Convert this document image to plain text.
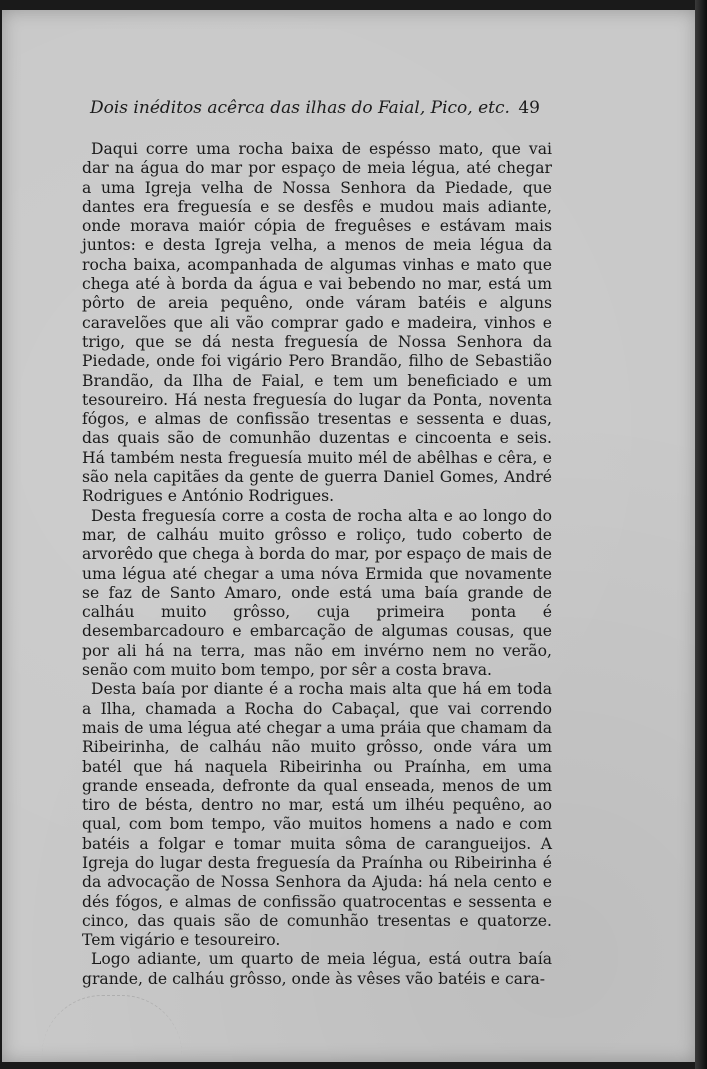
Dois inéditos acêrca das ilhas do Faial, Pico, etc. 49

Daqui corre uma rocha baixa de espésso mato, que vai dar na água do mar por espaço de meia légua, até chegar a uma Igreja velha de Nossa Senhora da Piedade, que dantes era freguesía e se desfês e mudou mais adiante, onde morava maiór cópia de freguêses e estávam mais juntos: e desta Igreja velha, a menos de meia légua da rocha baixa, acompanhada de algumas vinhas e mato que chega até à borda da água e vai bebendo no mar, está um pôrto de areia pequêno, onde váram batéis e alguns caravelões que ali vão comprar gado e madeira, vinhos e trigo, que se dá nesta freguesía de Nossa Senhora da Piedade, onde foi vigário Pero Brandão, filho de Sebastião Brandão, da Ilha de Faial, e tem um beneficiado e um tesoureiro. Há nesta freguesía do lugar da Ponta, noventa fógos, e almas de confissão tresentas e sessenta e duas, das quais são de comunhão duzentas e cincoenta e seis. Há também nesta freguesía muito mél de abêlhas e cêra, e são nela capitães da gente de guerra Daniel Gomes, André Rodrigues e António Rodrigues.

Desta freguesía corre a costa de rocha alta e ao longo do mar, de calháu muito grôsso e roliço, tudo coberto de arvorêdo que chega à borda do mar, por espaço de mais de uma légua até chegar a uma nóva Ermida que novamente se faz de Santo Amaro, onde está uma baía grande de calháu muito grôsso, cuja primeira ponta é desembarcadouro e embarcação de algumas cousas, que por ali há na terra, mas não em invérno nem no verão, senão com muito bom tempo, por sêr a costa brava.

Desta baía por diante é a rocha mais alta que há em toda a Ilha, chamada a Rocha do Cabaçal, que vai correndo mais de uma légua até chegar a uma práia que chamam da Ribeirinha, de calháu não muito grôsso, onde vára um batél que há naquela Ribeirinha ou Praínha, em uma grande enseada, defronte da qual enseada, menos de um tiro de bésta, dentro no mar, está um ilhéu pequêno, ao qual, com bom tempo, vão muitos homens a nado e com batéis a folgar e tomar muita sôma de carangueijos. A Igreja do lugar desta freguesía da Praínha ou Ribeirinha é da advocação de Nossa Senhora da Ajuda: há nela cento e dés fógos, e almas de confissão quatrocentas e sessenta e cinco, das quais são de comunhão tresentas e quatorze. Tem vigário e tesoureiro.

Logo adiante, um quarto de meia légua, está outra baía grande, de calháu grôsso, onde às vêses vão batéis e cara-
